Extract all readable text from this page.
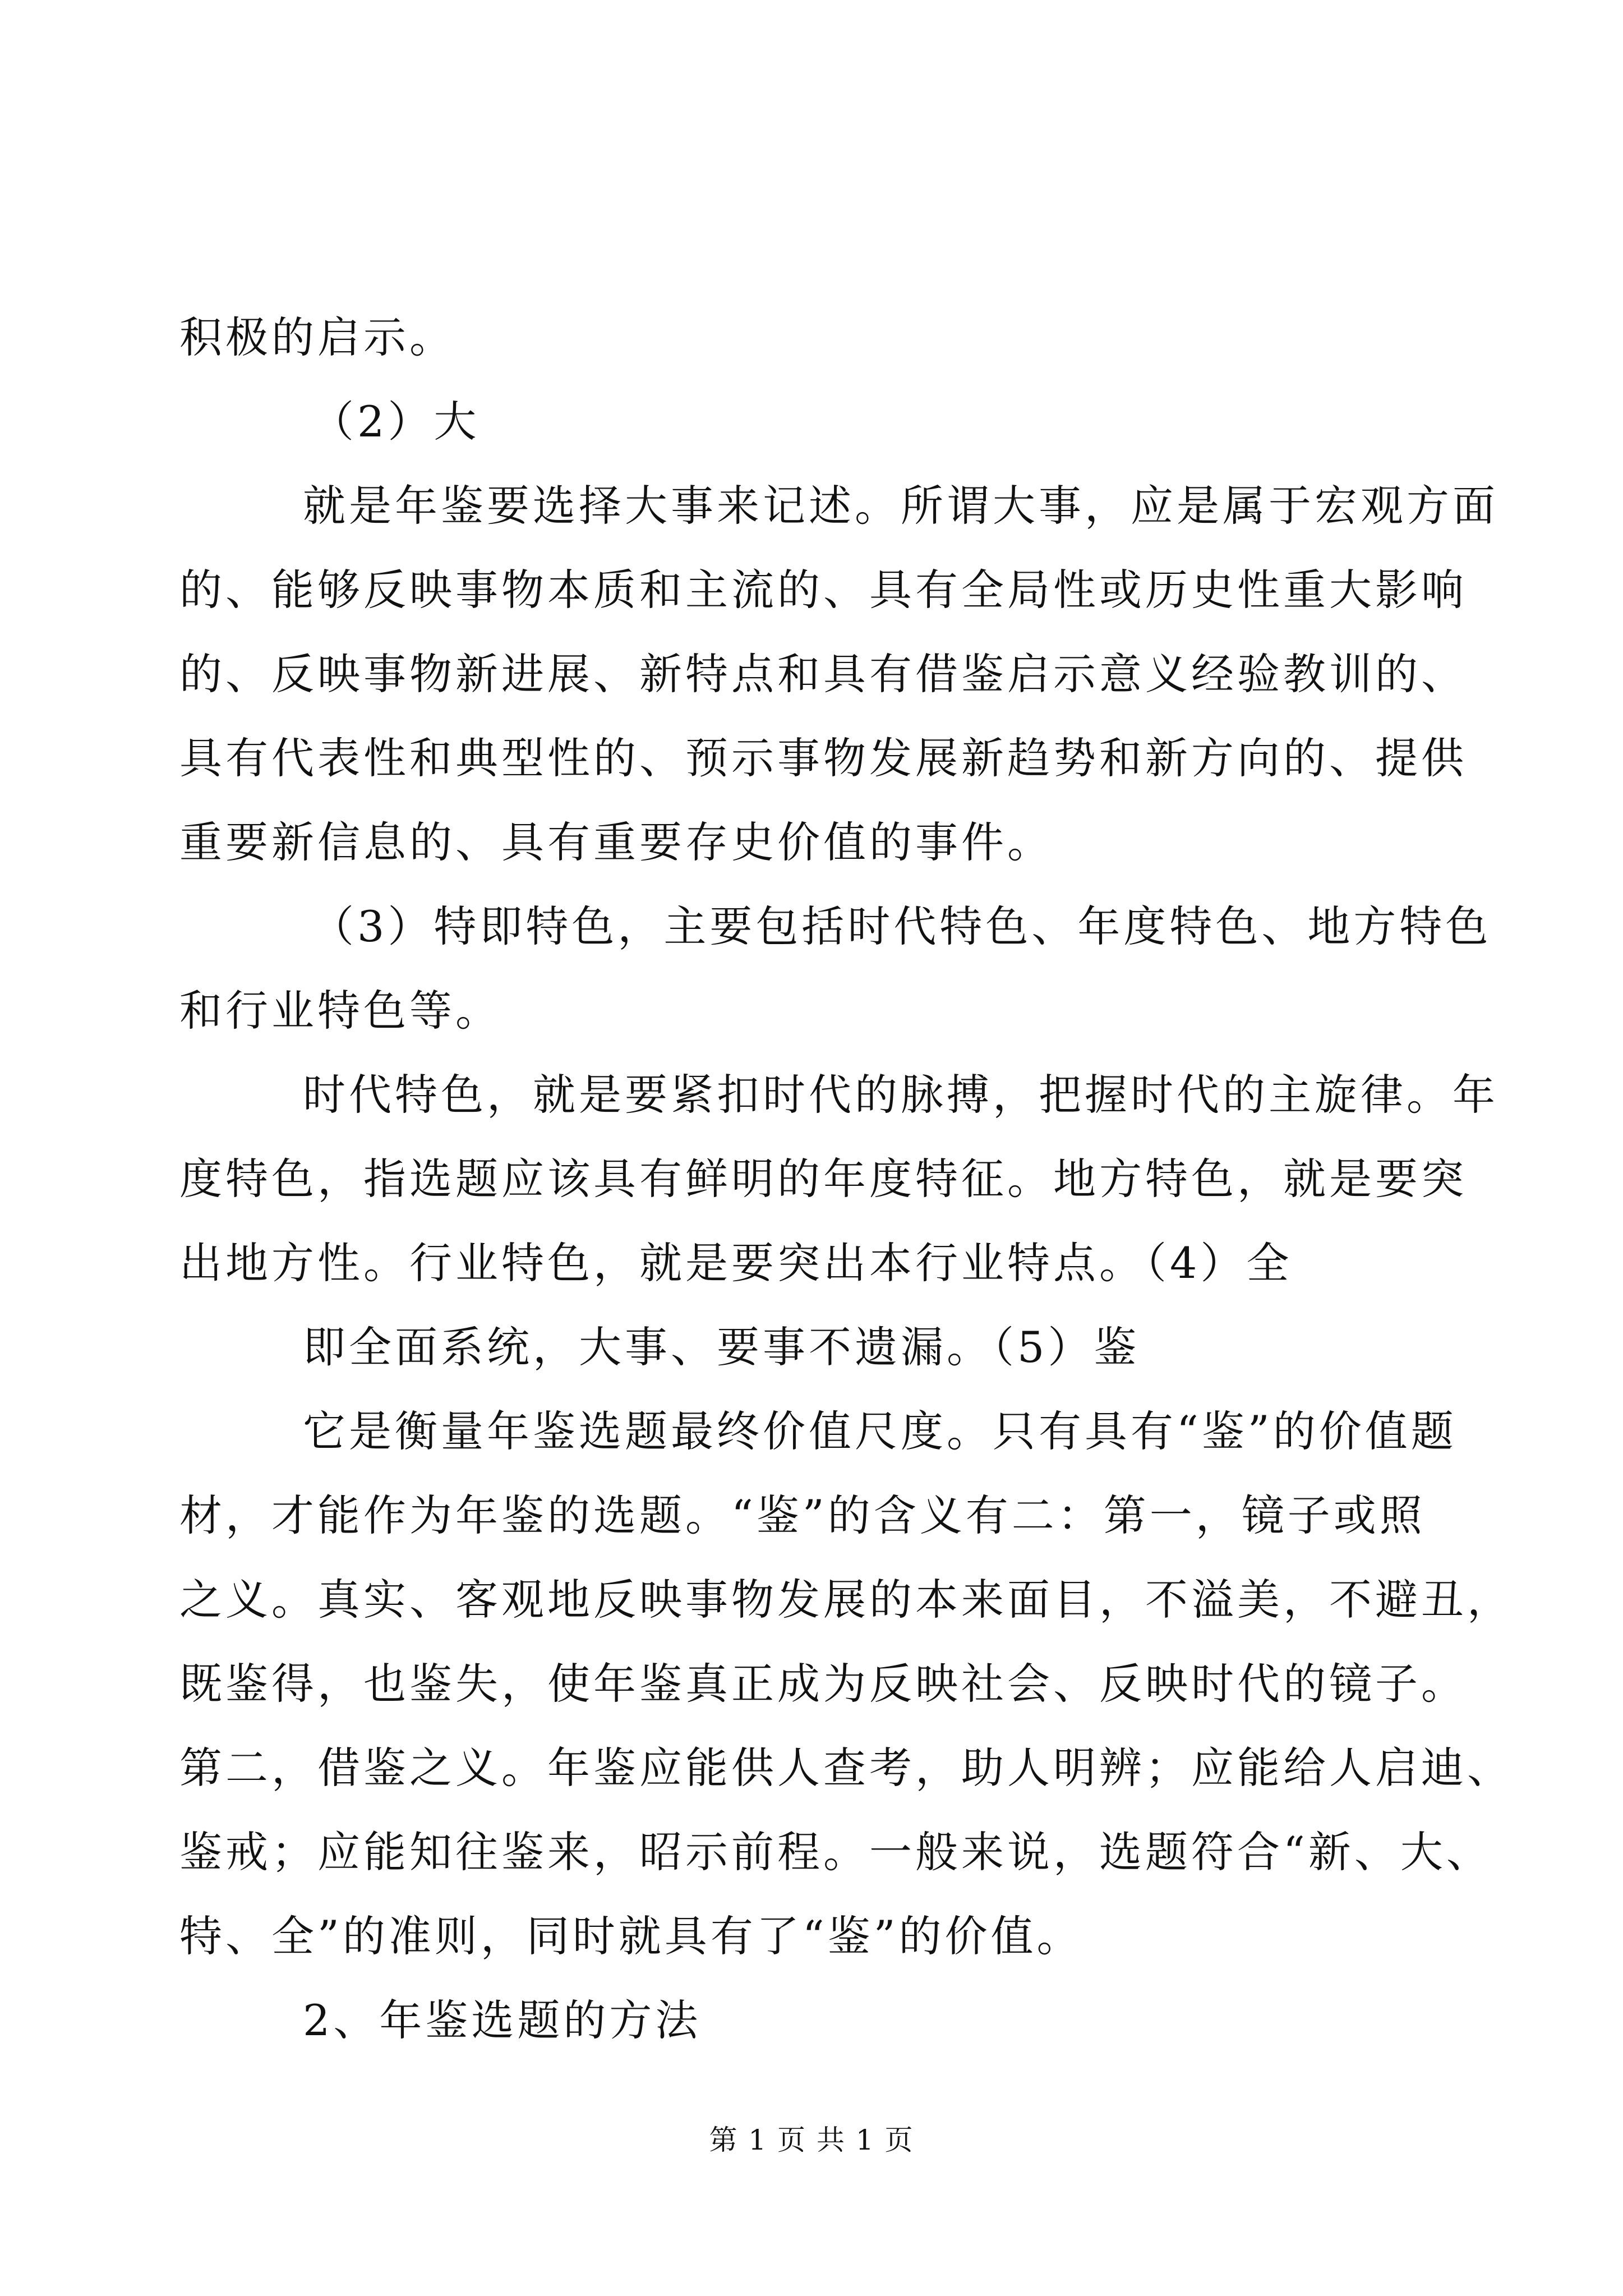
积极的启示。
（2）大
就是年鉴要选择大事来记述。所谓大事，应是属于宏观方面
的、能够反映事物本质和主流的、具有全局性或历史性重大影响
的、反映事物新进展、新特点和具有借鉴启示意义经验教训的、
具有代表性和典型性的、预示事物发展新趋势和新方向的、提供
重要新信息的、具有重要存史价值的事件。
（3）特即特色，主要包括时代特色、年度特色、地方特色
和行业特色等。
时代特色，就是要紧扣时代的脉搏，把握时代的主旋律。年
度特色，指选题应该具有鲜明的年度特征。地方特色，就是要突
出地方性。行业特色，就是要突出本行业特点。（4）全
即全面系统，大事、要事不遗漏。（5）鉴
它是衡量年鉴选题最终价值尺度。只有具有“鉴”的价值题
材，才能作为年鉴的选题。“鉴”的含义有二：第一，镜子或照
之义。真实、客观地反映事物发展的本来面目，不溢美，不避丑，
既鉴得，也鉴失，使年鉴真正成为反映社会、反映时代的镜子。
第二，借鉴之义。年鉴应能供人查考，助人明辨；应能给人启迪、
鉴戒；应能知往鉴来，昭示前程。一般来说，选题符合“新、大、
特、全”的准则，同时就具有了“鉴”的价值。
2、年鉴选题的方法
第 1 页 共 1 页
